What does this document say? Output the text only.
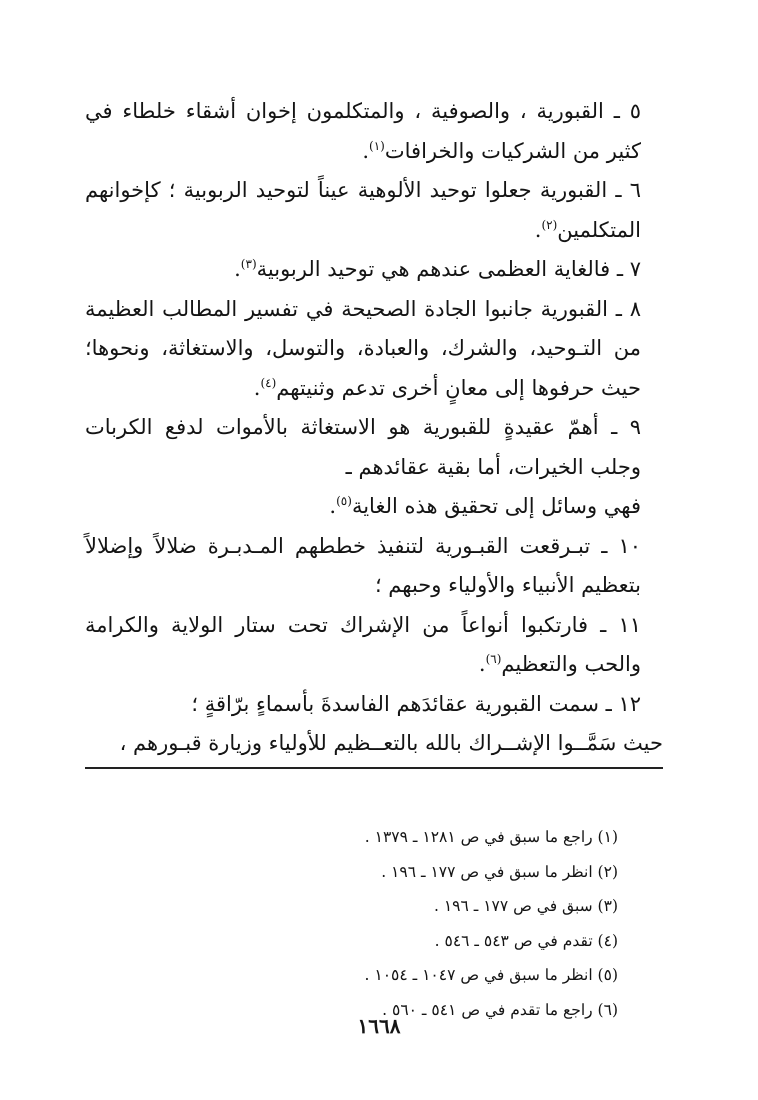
٥ ـ القبورية ، والصوفية ، والمتكلمون إخوان أشقاء خلطاء في كثير من الشركيات والخرافات$^{(١)}$.

٦ ـ القبورية جعلوا توحيد الألوهية عيناً لتوحيد الربوبية ؛ كإخوانهم المتكلمين$^{(٢)}$.

٧ ـ فالغاية العظمى عندهم هي توحيد الربوبية$^{(٣)}$.

٨ ـ القبورية جانبوا الجادة الصحيحة في تفسير المطالب العظيمة من التـوحيد، والشرك، والعبادة، والتوسل، والاستغاثة، ونحوها؛ حيث حرفوها إلى معانٍ أخرى تدعم وثنيتهم$^{(٤)}$.

٩ ـ أهمّ عقيدةٍ للقبورية هو الاستغاثة بالأموات لدفع الكربات وجلب الخيرات، أما بقية عقائدهم ـ

فهي وسائل إلى تحقيق هذه الغاية$^{(٥)}$.

١٠ ـ تبـرقعت القبـورية لتنفيذ خططهم المـدبـرة ضلالاً وإضلالاً بتعظيم الأنبياء والأولياء وحبهم ؛

١١ ـ فارتكبوا أنواعاً من الإشراك تحت ستار الولاية والكرامة والحب والتعظيم$^{(٦)}$.

١٢ ـ سمت القبورية عقائدَهم الفاسدةَ بأسماءٍ برّاقةٍ ؛

حيث سَمَّــوا الإشــراك بالله بالتعــظيم للأولياء وزيارة قبـورهم ،

(١) راجع ما سبق في ص ١٢٨١ ـ ١٣٧٩ .
(٢) انظر ما سبق في ص ١٧٧ ـ ١٩٦ .
(٣) سبق في ص ١٧٧ ـ ١٩٦ .
(٤) تقدم في ص ٥٤٣ ـ ٥٤٦ .
(٥) انظر ما سبق في ص ١٠٤٧ ـ ١٠٥٤ .
(٦) راجع ما تقدم في ص ٥٤١ ـ ٥٦٠ .
١٦٦٨
